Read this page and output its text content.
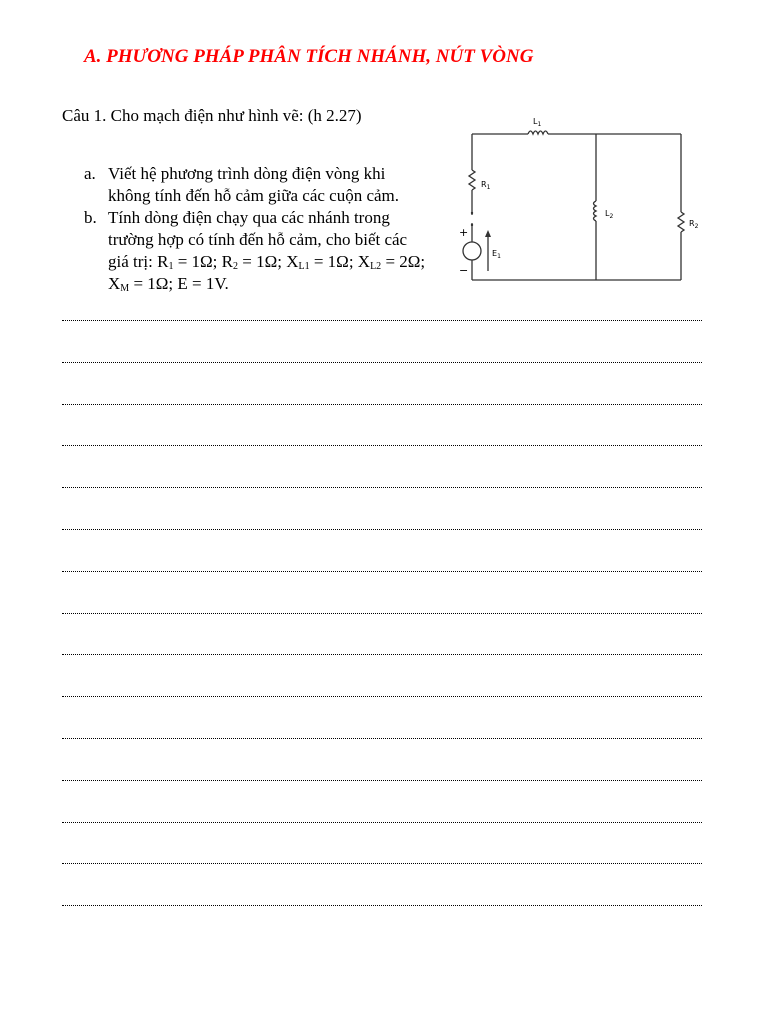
A. PHƯƠNG PHÁP PHÂN TÍCH NHÁNH, NÚT VÒNG
Câu 1. Cho mạch điện như hình vẽ: (h 2.27)
a. Viết hệ phương trình dòng điện vòng khi không tính đến hỗ cảm giữa các cuộn cảm.
b. Tính dòng điện chạy qua các nhánh trong trường hợp có tính đến hỗ cảm, cho biết các giá trị: $R_1 = 1\Omega$; $R_2 = 1\Omega$; $X_{L1} = 1\Omega$; $X_{L2} = 2\Omega$; $X_M = 1\Omega$; E = 1V.
$L_1$
$R_1$
$L_2$
$R_2$
$E_1$
+
−
